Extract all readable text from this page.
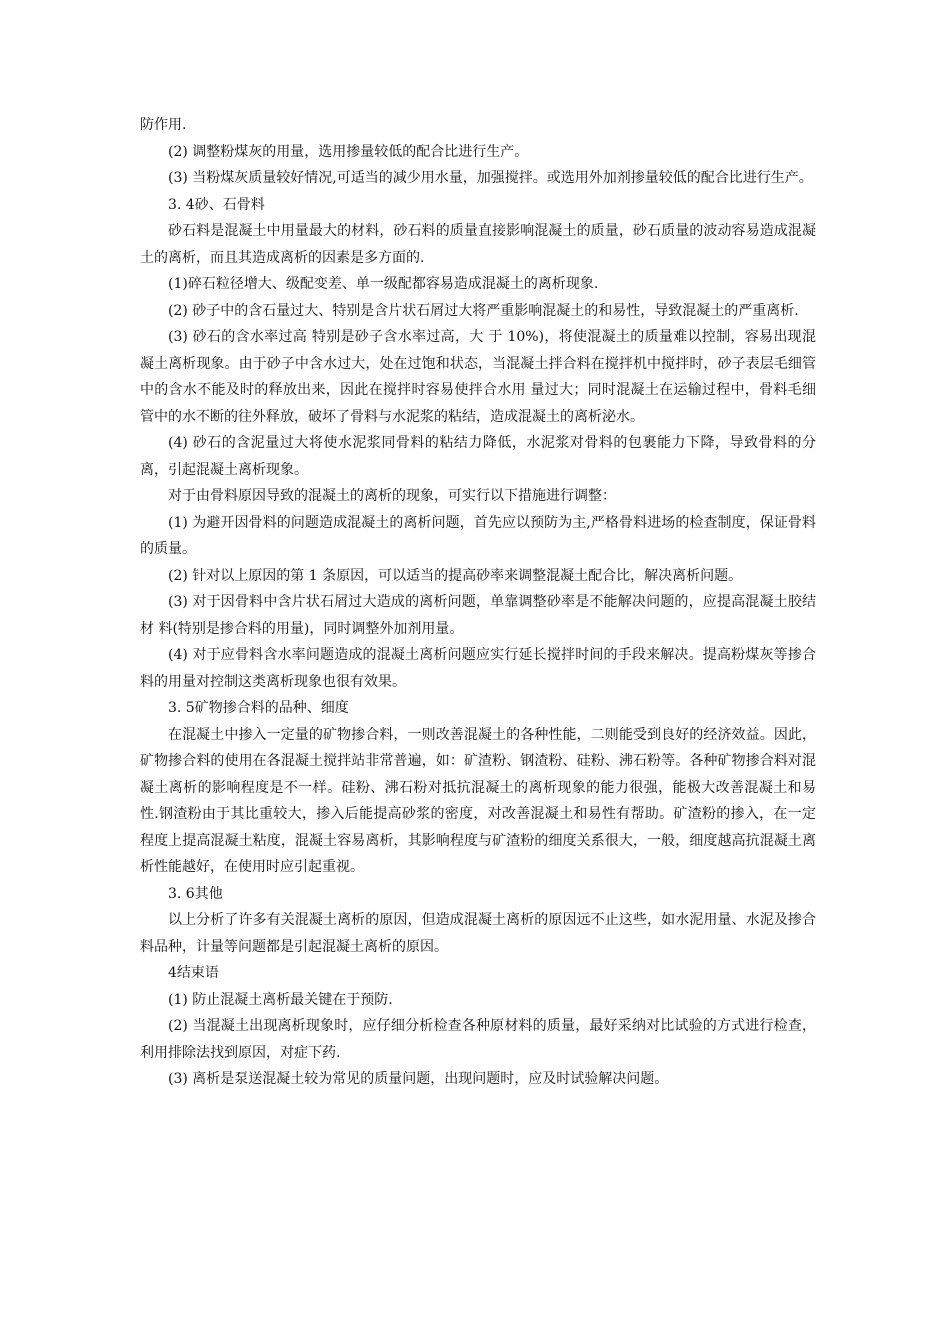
防作用.

(2) 调整粉煤灰的用量，选用掺量较低的配合比进行生产。

(3) 当粉煤灰质量较好情况,可适当的减少用水量，加强搅拌。或选用外加剂掺量较低的配合比进行生产。

3. 4砂、石骨料

砂石料是混凝土中用量最大的材料，砂石料的质量直接影响混凝土的质量，砂石质量的波动容易造成混凝土的离析，而且其造成离析的因素是多方面的.

(1)碎石粒径增大、级配变差、单一级配都容易造成混凝土的离析现象.

(2) 砂子中的含石量过大、特别是含片状石屑过大将严重影响混凝土的和易性，导致混凝土的严重离析.

(3) 砂石的含水率过高 特别是砂子含水率过高，大 于 10%)，将使混凝土的质量难以控制，容易出现混凝土离析现象。由于砂子中含水过大，处在过饱和状态，当混凝土拌合料在搅拌机中搅拌时，砂子表层毛细管中的含水不能及时的释放出来，因此在搅拌时容易使拌合水用 量过大；同时混凝土在运输过程中，骨料毛细管中的水不断的往外释放，破坏了骨料与水泥浆的粘结，造成混凝土的离析泌水。

(4) 砂石的含泥量过大将使水泥浆同骨料的粘结力降低，水泥浆对骨料的包裹能力下降，导致骨料的分离，引起混凝土离析现象。

对于由骨料原因导致的混凝土的离析的现象，可实行以下措施进行调整：

(1) 为避开因骨料的问题造成混凝土的离析问题，首先应以预防为主,严格骨料进场的检查制度，保证骨料的质量。

(2) 针对以上原因的第 1 条原因，可以适当的提高砂率来调整混凝土配合比，解决离析问题。

(3) 对于因骨料中含片状石屑过大造成的离析问题，单靠调整砂率是不能解决问题的，应提高混凝土胶结材 料(特别是掺合料的用量)，同时调整外加剂用量。

(4) 对于应骨料含水率问题造成的混凝土离析问题应实行延长搅拌时间的手段来解决。提高粉煤灰等掺合料的用量对控制这类离析现象也很有效果。

3. 5矿物掺合料的品种、细度

在混凝土中掺入一定量的矿物掺合料，一则改善混凝土的各种性能，二则能受到良好的经济效益。因此，矿物掺合料的使用在各混凝土搅拌站非常普遍，如：矿渣粉、钢渣粉、硅粉、沸石粉等。各种矿物掺合料对混凝土离析的影响程度是不一样。硅粉、沸石粉对抵抗混凝土的离析现象的能力很强，能极大改善混凝土和易性.钢渣粉由于其比重较大，掺入后能提高砂浆的密度，对改善混凝土和易性有帮助。矿渣粉的掺入，在一定程度上提高混凝土粘度，混凝土容易离析，其影响程度与矿渣粉的细度关系很大，一般，细度越高抗混凝土离析性能越好，在使用时应引起重视。

3. 6其他

以上分析了许多有关混凝土离析的原因，但造成混凝土离析的原因远不止这些，如水泥用量、水泥及掺合 料品种，计量等问题都是引起混凝土离析的原因。

4结束语

(1) 防止混凝土离析最关键在于预防.

(2) 当混凝土出现离析现象时，应仔细分析检查各种原材料的质量，最好采纳对比试验的方式进行检查，利用排除法找到原因，对症下药.

(3) 离析是泵送混凝土较为常见的质量问题，出现问题时，应及时试验解决问题。
